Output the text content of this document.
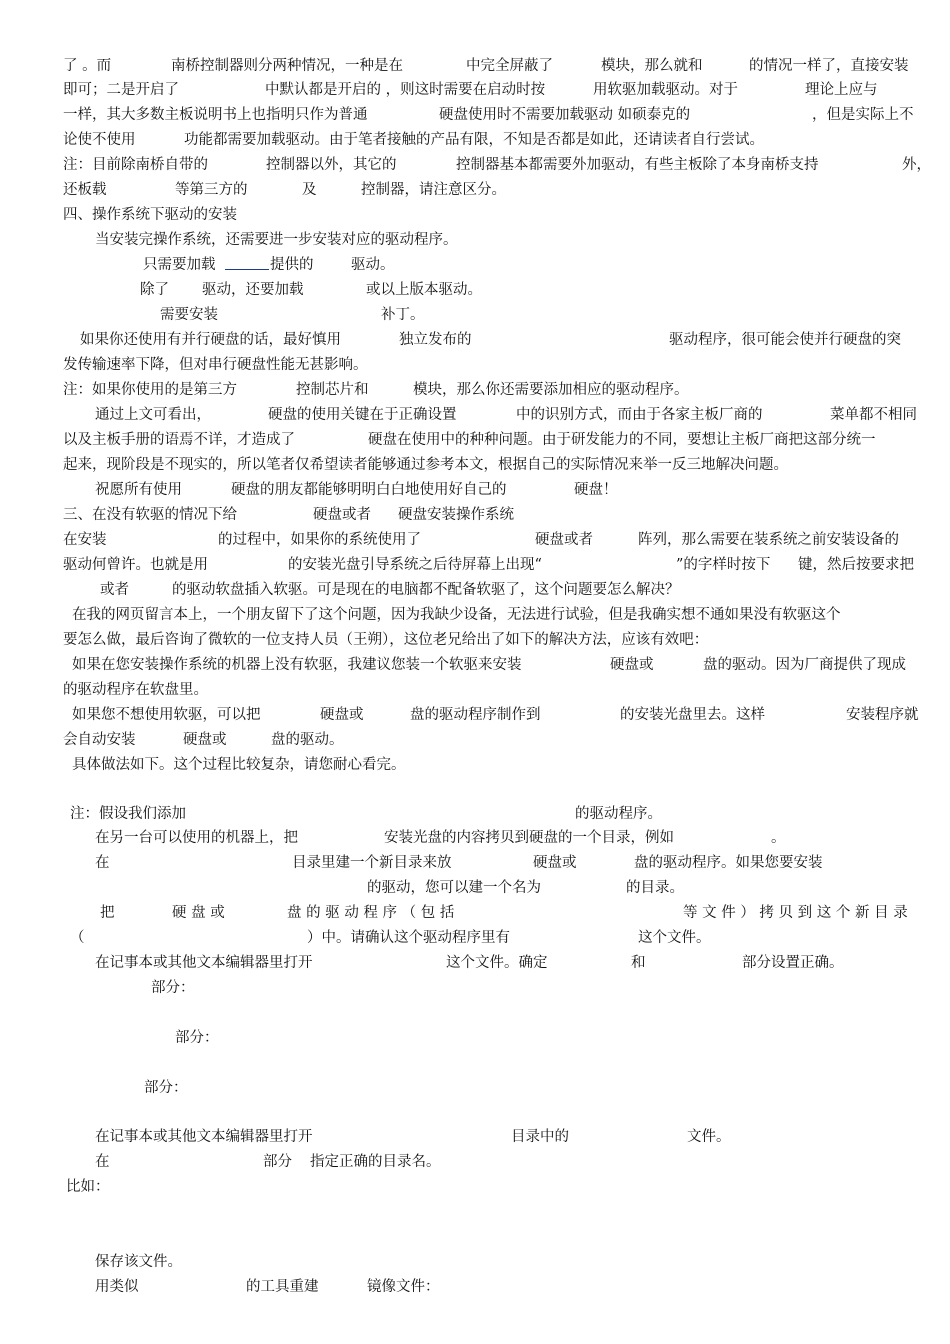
了 。而	南桥控制器则分两种情况，一种是在	中完全屏蔽了	模块，那么就和	的情况一样了，直接安装
即可；二是开启了	中默认都是开启的 ，则这时需要在启动时按	用软驱加载驱动。对于	理论上应与
一样，其大多数主板说明书上也指明只作为普通	硬盘使用时不需要加载驱动 如硕泰克的	，但是实际上不
论使不使用	功能都需要加载驱动。由于笔者接触的产品有限，不知是否都是如此，还请读者自行尝试。
注：目前除南桥自带的	控制器以外，其它的	控制器基本都需要外加驱动，有些主板除了本身南桥支持	外，
还板载	等第三方的	及	控制器，请注意区分。
四、操作系统下驱动的安装
当安装完操作系统，还需要进一步安装对应的驱动程序。
只需要加载	提供的	驱动。
除了 驱动，还要加载	或以上版本驱动。
需要安装	补丁。
如果你还使用有并行硬盘的话，最好慎用	独立发布的	驱动程序，很可能会使并行硬盘的突
发传输速率下降，但对串行硬盘性能无甚影响。
注：如果你使用的是第三方	控制芯片和	模块，那么你还需要添加相应的驱动程序。
通过上文可看出，	硬盘的使用关键在于正确设置	中的识别方式，而由于各家主板厂商的	菜单都不相同
以及主板手册的语焉不详，才造成了	硬盘在使用中的种种问题。由于研发能力的不同，要想让主板厂商把这部分统一
起来，现阶段是不现实的，所以笔者仅希望读者能够通过参考本文，根据自己的实际情况来举一反三地解决问题。
祝愿所有使用	硬盘的朋友都能够明明白白地使用好自己的	硬盘！
三、在没有软驱的情况下给	硬盘或者 硬盘安装操作系统
在安装	的过程中，如果你的系统使用了	硬盘或者	阵列，那么需要在装系统之前安装设备的
驱动何曾许。也就是用	的安装光盘引导系统之后待屏幕上出现“	”的字样时按下 键，然后按要求把
或者	的驱动软盘插入软驱。可是现在的电脑都不配备软驱了，这个问题要怎么解决？
在我的网页留言本上，一个朋友留下了这个问题，因为我缺少设备，无法进行试验，但是我确实想不通如果没有软驱这个
要怎么做，最后咨询了微软的一位支持人员（王朔），这位老兄给出了如下的解决方法，应该有效吧：
如果在您安装操作系统的机器上没有软驱，我建议您装一个软驱来安装	硬盘或	盘的驱动。因为厂商提供了现成
的驱动程序在软盘里。
如果您不想使用软驱，可以把	硬盘或	盘的驱动程序制作到	的安装光盘里去。这样	安装程序就
会自动安装	硬盘或	盘的驱动。
具体做法如下。这个过程比较复杂，请您耐心看完。
注：假设我们添加	的驱动程序。
在另一台可以使用的机器上，把	安装光盘的内容拷贝到硬盘的一个目录，例如	。
在	目录里建一个新目录来放	硬盘或	盘的驱动程序。如果您要安装
的驱动，您可以建一个名为	的目录。
把	硬 盘 或	盘 的 驱 动 程 序 （ 包 括	等 文 件 ） 拷 贝 到 这 个 新 目 录
（	）中。请确认这个驱动程序里有	这个文件。
在记事本或其他文本编辑器里打开	这个文件。确定	和	部分设置正确。
部分：
部分：
部分：
在记事本或其他文本编辑器里打开	目录中的	文件。
在	部分 指定正确的目录名。
比如：
保存该文件。
用类似	的工具重建	镜像文件：
